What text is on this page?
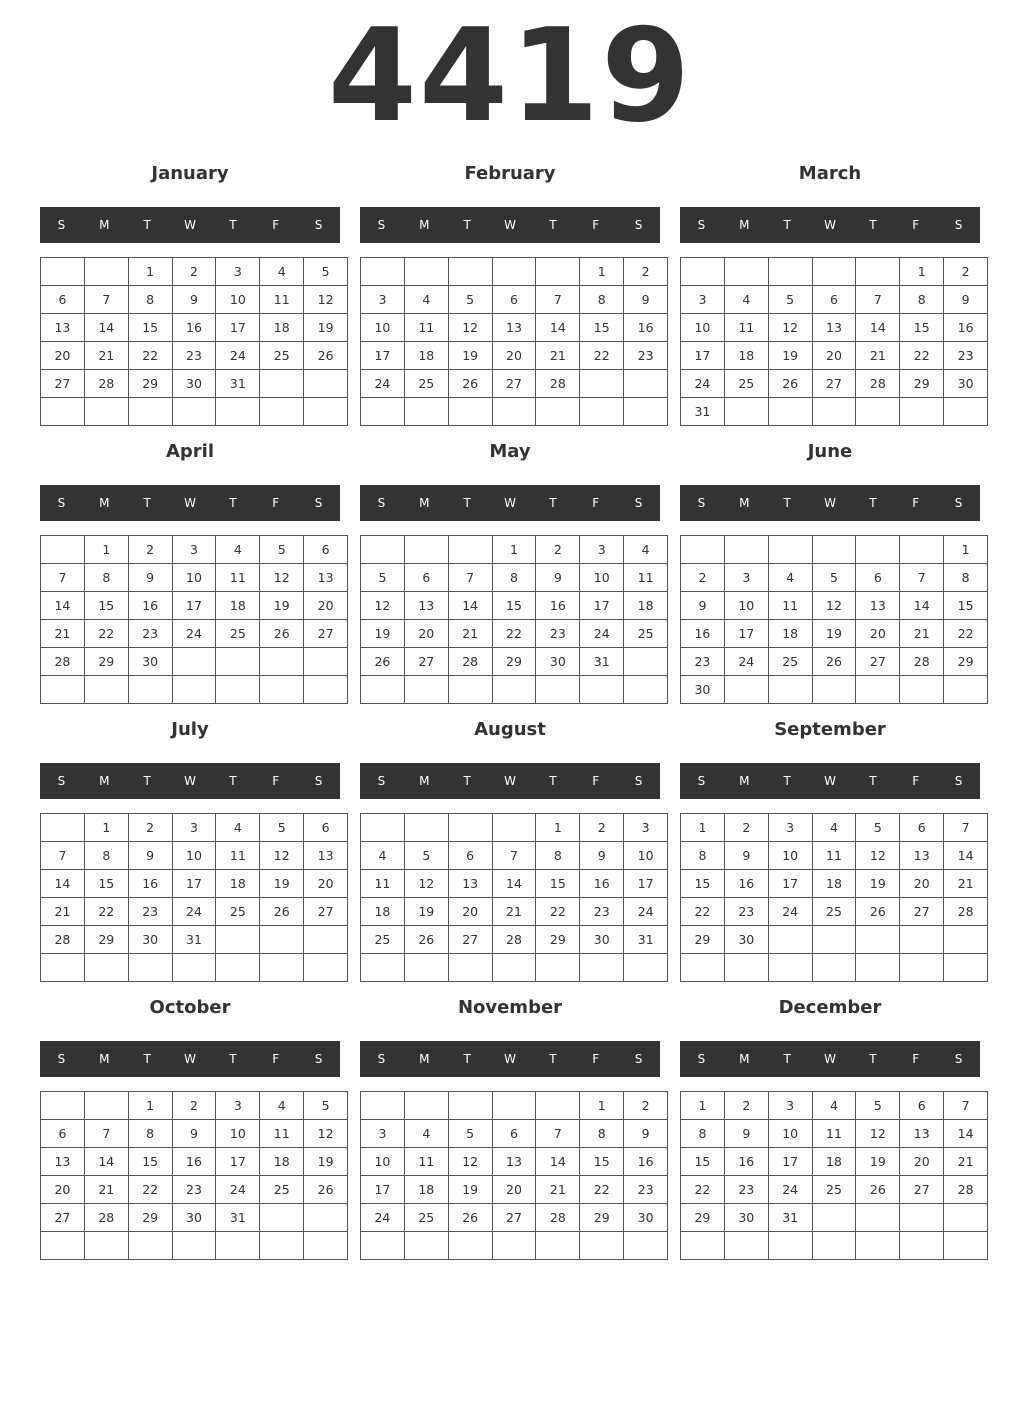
4419
January
S	M	T	W	T	F	S
		1	2	3	4	5
6	7	8	9	10	11	12
13	14	15	16	17	18	19
20	21	22	23	24	25	26
27	28	29	30	31		

February
S	M	T	W	T	F	S
					1	2
3	4	5	6	7	8	9
10	11	12	13	14	15	16
17	18	19	20	21	22	23
24	25	26	27	28		

March
S	M	T	W	T	F	S
					1	2
3	4	5	6	7	8	9
10	11	12	13	14	15	16
17	18	19	20	21	22	23
24	25	26	27	28	29	30
31						
April
S	M	T	W	T	F	S
	1	2	3	4	5	6
7	8	9	10	11	12	13
14	15	16	17	18	19	20
21	22	23	24	25	26	27
28	29	30				

May
S	M	T	W	T	F	S
			1	2	3	4
5	6	7	8	9	10	11
12	13	14	15	16	17	18
19	20	21	22	23	24	25
26	27	28	29	30	31	

June
S	M	T	W	T	F	S
						1
2	3	4	5	6	7	8
9	10	11	12	13	14	15
16	17	18	19	20	21	22
23	24	25	26	27	28	29
30						
July
S	M	T	W	T	F	S
	1	2	3	4	5	6
7	8	9	10	11	12	13
14	15	16	17	18	19	20
21	22	23	24	25	26	27
28	29	30	31			

August
S	M	T	W	T	F	S
				1	2	3
4	5	6	7	8	9	10
11	12	13	14	15	16	17
18	19	20	21	22	23	24
25	26	27	28	29	30	31

September
S	M	T	W	T	F	S
1	2	3	4	5	6	7
8	9	10	11	12	13	14
15	16	17	18	19	20	21
22	23	24	25	26	27	28
29	30					

October
S	M	T	W	T	F	S
		1	2	3	4	5
6	7	8	9	10	11	12
13	14	15	16	17	18	19
20	21	22	23	24	25	26
27	28	29	30	31		

November
S	M	T	W	T	F	S
					1	2
3	4	5	6	7	8	9
10	11	12	13	14	15	16
17	18	19	20	21	22	23
24	25	26	27	28	29	30

December
S	M	T	W	T	F	S
1	2	3	4	5	6	7
8	9	10	11	12	13	14
15	16	17	18	19	20	21
22	23	24	25	26	27	28
29	30	31				
